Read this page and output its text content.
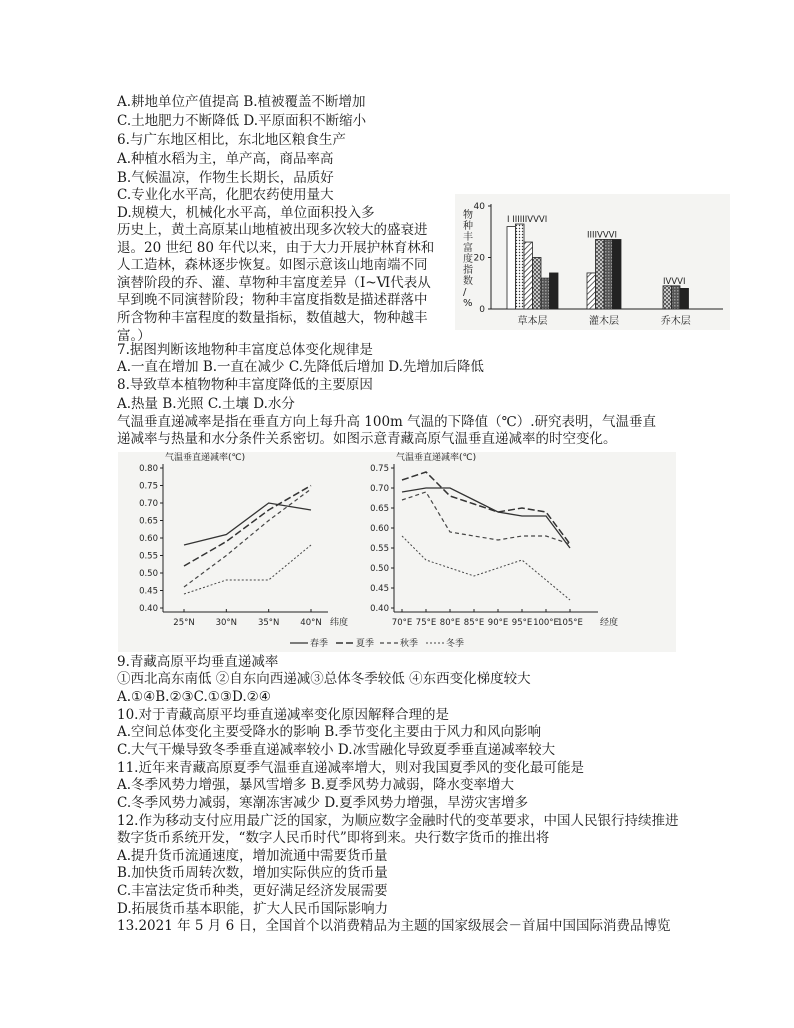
A.耕地单位产值提高 B.植被覆盖不断增加
C.土地肥力不断降低 D.平原面积不断缩小
6.与广东地区相比，东北地区粮食生产
A.种植水稻为主，单产高，商品率高
B.气候温凉，作物生长期长，品质好
C.专业化水平高，化肥农药使用量大
D.规模大，机械化水平高，单位面积投入多
历史上，黄土高原某山地植被出现多次较大的盛衰进退。20 世纪 80 年代以来，由于大力开展护林育林和人工造林，森林逐步恢复。如图示意该山地南端不同演替阶段的乔、灌、草物种丰富度差异（Ⅰ~Ⅵ代表从早到晚不同演替阶段；物种丰富度指数是描述群落中所含物种丰富程度的数量指标，数值越大，物种越丰富。）
物
种
丰
富
度
指
数
/
%
0
20
40
I IIIIIIVVVI
草本层
IIIIVVVI
灌木层
IVVVI
乔木层
7.据图判断该地物种丰富度总体变化规律是
A.一直在增加 B.一直在减少 C.先降低后增加 D.先增加后降低
8.导致草本植物物种丰富度降低的主要原因
A.热量 B.光照 C.土壤 D.水分
气温垂直递减率是指在垂直方向上每升高 100m 气温的下降值（℃）.研究表明，气温垂直
递减率与热量和水分条件关系密切。如图示意青藏高原气温垂直递减率的时空变化。
气温垂直递减率(℃)
0.40
0.45
0.50
0.55
0.60
0.65
0.70
0.75
0.80
25°N 30°N 35°N 40°N 纬度
气温垂直递减率(℃)
0.40
0.45
0.50
0.55
0.60
0.65
0.70
0.75
70°E 75°E 80°E 85°E 90°E 95°E 100°E
105°E 经度
春季	夏季	秋季	冬季
9.青藏高原平均垂直递减率
①西北高东南低 ②自东向西递减③总体冬季较低 ④东西变化梯度较大
A.①④B.②③C.①③D.②④
10.对于青藏高原平均垂直递减率变化原因解释合理的是
A.空间总体变化主要受降水的影响 B.季节变化主要由于风力和风向影响
C.大气干燥导致冬季垂直递减率较小 D.冰雪融化导致夏季垂直递减率较大
11.近年来青藏高原夏季气温垂直递减率增大，则对我国夏季风的变化最可能是
A.冬季风势力增强，暴风雪增多 B.夏季风势力减弱，降水变率增大
C.冬季风势力减弱，寒潮冻害减少 D.夏季风势力增强，旱涝灾害增多
12.作为移动支付应用最广泛的国家，为顺应数字金融时代的变革要求，中国人民银行持续推进
数字货币系统开发，“数字人民币时代”即将到来。央行数字货币的推出将
A.提升货币流通速度，增加流通中需要货币量
B.加快货币周转次数，增加实际供应的货币量
C.丰富法定货币种类，更好满足经济发展需要
D.拓展货币基本职能，扩大人民币国际影响力
13.2021 年 5 月 6 日，全国首个以消费精品为主题的国家级展会－首届中国国际消费品博览
